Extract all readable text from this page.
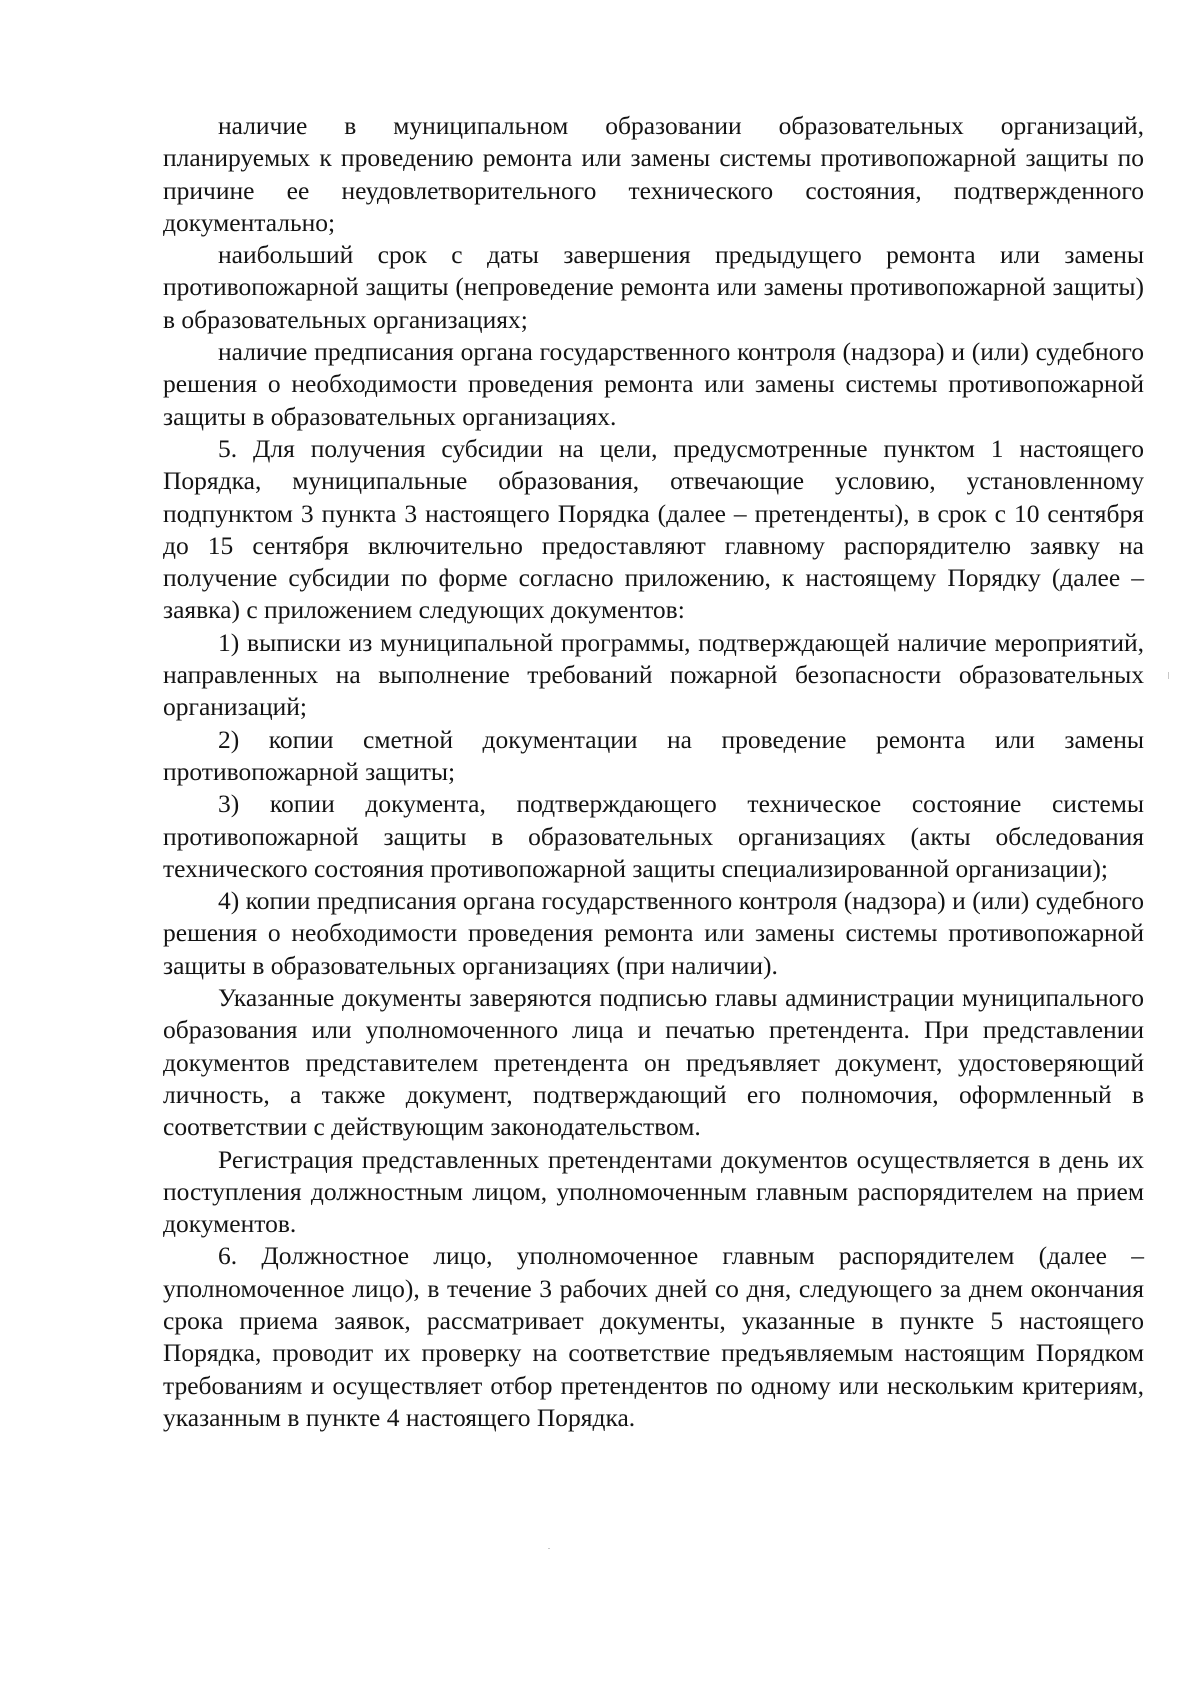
наличие в муниципальном образовании образовательных организаций, планируемых к проведению ремонта или замены системы противопожарной защиты по причине ее неудовлетворительного технического состояния, подтвержденного документально;

наибольший срок с даты завершения предыдущего ремонта или замены противопожарной защиты (непроведение ремонта или замены противопожарной защиты) в образовательных организациях;

наличие предписания органа государственного контроля (надзора) и (или) судебного решения о необходимости проведения ремонта или замены системы противопожарной защиты в образовательных организациях.

5. Для получения субсидии на цели, предусмотренные пунктом 1 настоящего Порядка, муниципальные образования, отвечающие условию, установленному подпунктом 3 пункта 3 настоящего Порядка (далее – претенденты), в срок с 10 сентября до 15 сентября включительно предоставляют главному распорядителю заявку на получение субсидии по форме согласно приложению, к настоящему Порядку (далее – заявка) с приложением следующих документов:

1) выписки из муниципальной программы, подтверждающей наличие мероприятий, направленных на выполнение требований пожарной безопасности образовательных организаций;

2) копии сметной документации на проведение ремонта или замены противопожарной защиты;

3) копии документа, подтверждающего техническое состояние системы противопожарной защиты в образовательных организациях (акты обследования технического состояния противопожарной защиты специализированной организации);

4) копии предписания органа государственного контроля (надзора) и (или) судебного решения о необходимости проведения ремонта или замены системы противопожарной защиты в образовательных организациях (при наличии).

Указанные документы заверяются подписью главы администрации муниципального образования или уполномоченного лица и печатью претендента. При представлении документов представителем претендента он предъявляет документ, удостоверяющий личность, а также документ, подтверждающий его полномочия, оформленный в соответствии с действующим законодательством.

Регистрация представленных претендентами документов осуществляется в день их поступления должностным лицом, уполномоченным главным распорядителем на прием документов.

6. Должностное лицо, уполномоченное главным распорядителем (далее – уполномоченное лицо), в течение 3 рабочих дней со дня, следующего за днем окончания срока приема заявок, рассматривает документы, указанные в пункте 5 настоящего Порядка, проводит их проверку на соответствие предъявляемым настоящим Порядком требованиям и осуществляет отбор претендентов по одному или нескольким критериям, указанным в пункте 4 настоящего Порядка.
